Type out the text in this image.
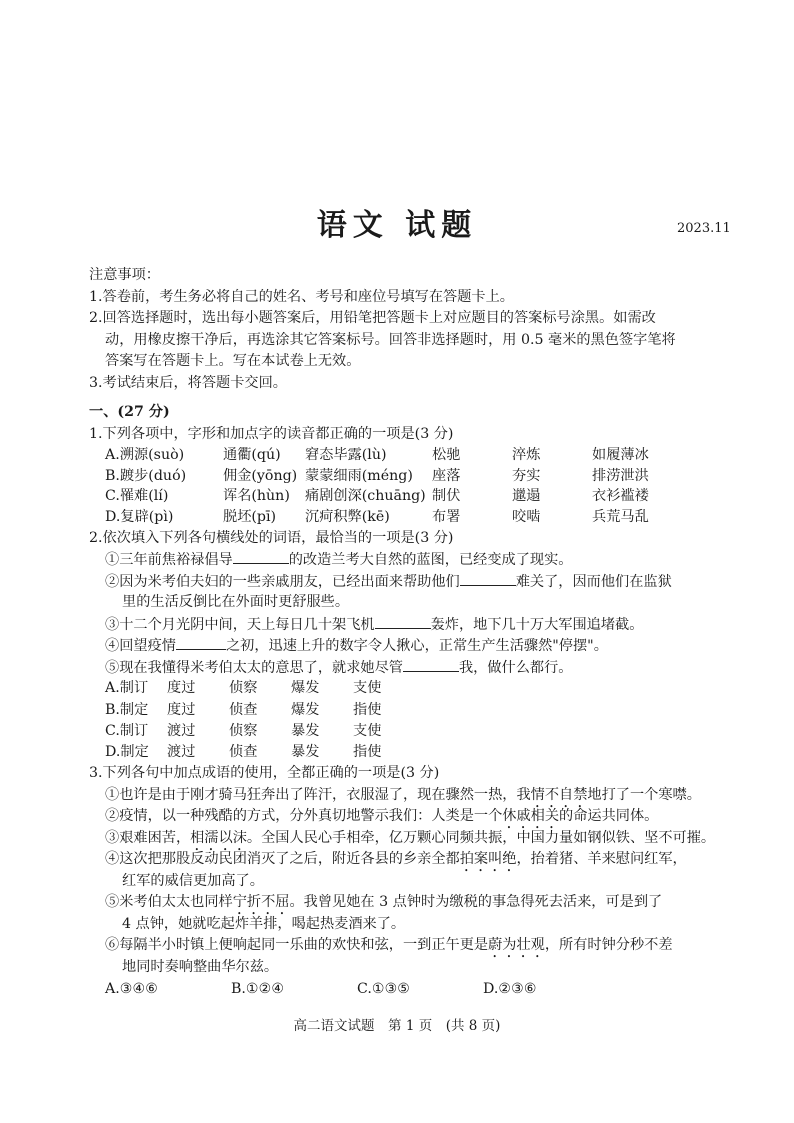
语文 试题	2023.11
注意事项：
1.答卷前，考生务必将自己的姓名、考号和座位号填写在答题卡上。
2.回答选择题时，选出每小题答案后，用铅笔把答题卡上对应题目的答案标号涂黑。如需改
动，用橡皮擦干净后，再选涂其它答案标号。回答非选择题时，用 0.5 毫米的黑色签字笔将
答案写在答题卡上。写在本试卷上无效。
3.考试结束后，将答题卡交回。
一、(27 分)
1.下列各项中，字形和加点字的读音都正确的一项是(3 分)
A.溯源(suò)	通衢(qú)	窘态毕露(lù)	松驰	淬炼	如履薄冰
B.踱步(duó)	佣金(yōng) 蒙蒙细雨(méng)	座落	夯实	排涝泄洪
C.罹难(lí)	诨名(hùn)	痛剧创深(chuāng) 制伏	邋遢	衣衫褴褛
D.复辟(pì)	脱坯(pī)	沉疴积弊(kē)	布署	咬啮	兵荒马乱
2.依次填入下列各句横线处的词语，最恰当的一项是(3 分)
①三年前焦裕禄倡导	的改造兰考大自然的蓝图，已经变成了现实。
②因为米考伯夫妇的一些亲戚朋友，已经出面来帮助他们	难关了，因而他们在监狱
里的生活反倒比在外面时更舒服些。
③十二个月光阴中间，天上每日几十架飞机	轰炸，地下几十万大军围追堵截。
④回望疫情	之初，迅速上升的数字令人揪心，正常生产生活骤然"停摆"。
⑤现在我懂得米考伯太太的意思了，就求她尽管	我，做什么都行。
A.制订	度过	侦察	爆发	支使
B.制定	度过	侦查	爆发	指使
C.制订	渡过	侦察	暴发	支使
D.制定	渡过	侦查	暴发	指使
3.下列各句中加点成语的使用，全都正确的一项是(3 分)
①也许是由于刚才骑马狂奔出了阵汗，衣服湿了，现在骤然一热，我情不自禁地打了一个寒噤。
②疫情，以一种残酷的方式，分外真切地警示我们：人类是一个休戚相关的命运共同体。
③艰难困苦，相濡以沫。全国人民心手相牵，亿万颗心同频共振，中国力量如钢似铁、坚不可摧。
④这次把那股反动民团消灭了之后，附近各县的乡亲全都拍案叫绝，抬着猪、羊来慰问红军，
红军的威信更加高了。
⑤米考伯太太也同样宁折不屈。我曾见她在 3 点钟时为缴税的事急得死去活来，可是到了
4 点钟，她就吃起炸羊排，喝起热麦酒来了。
⑥每隔半小时镇上便响起同一乐曲的欢快和弦，一到正午更是蔚为壮观，所有时钟分秒不差
地同时奏响整曲华尔兹。
A.③④⑥	B.①②④	C.①③⑤	D.②③⑥
高二语文试题　第 1 页　(共 8 页)
